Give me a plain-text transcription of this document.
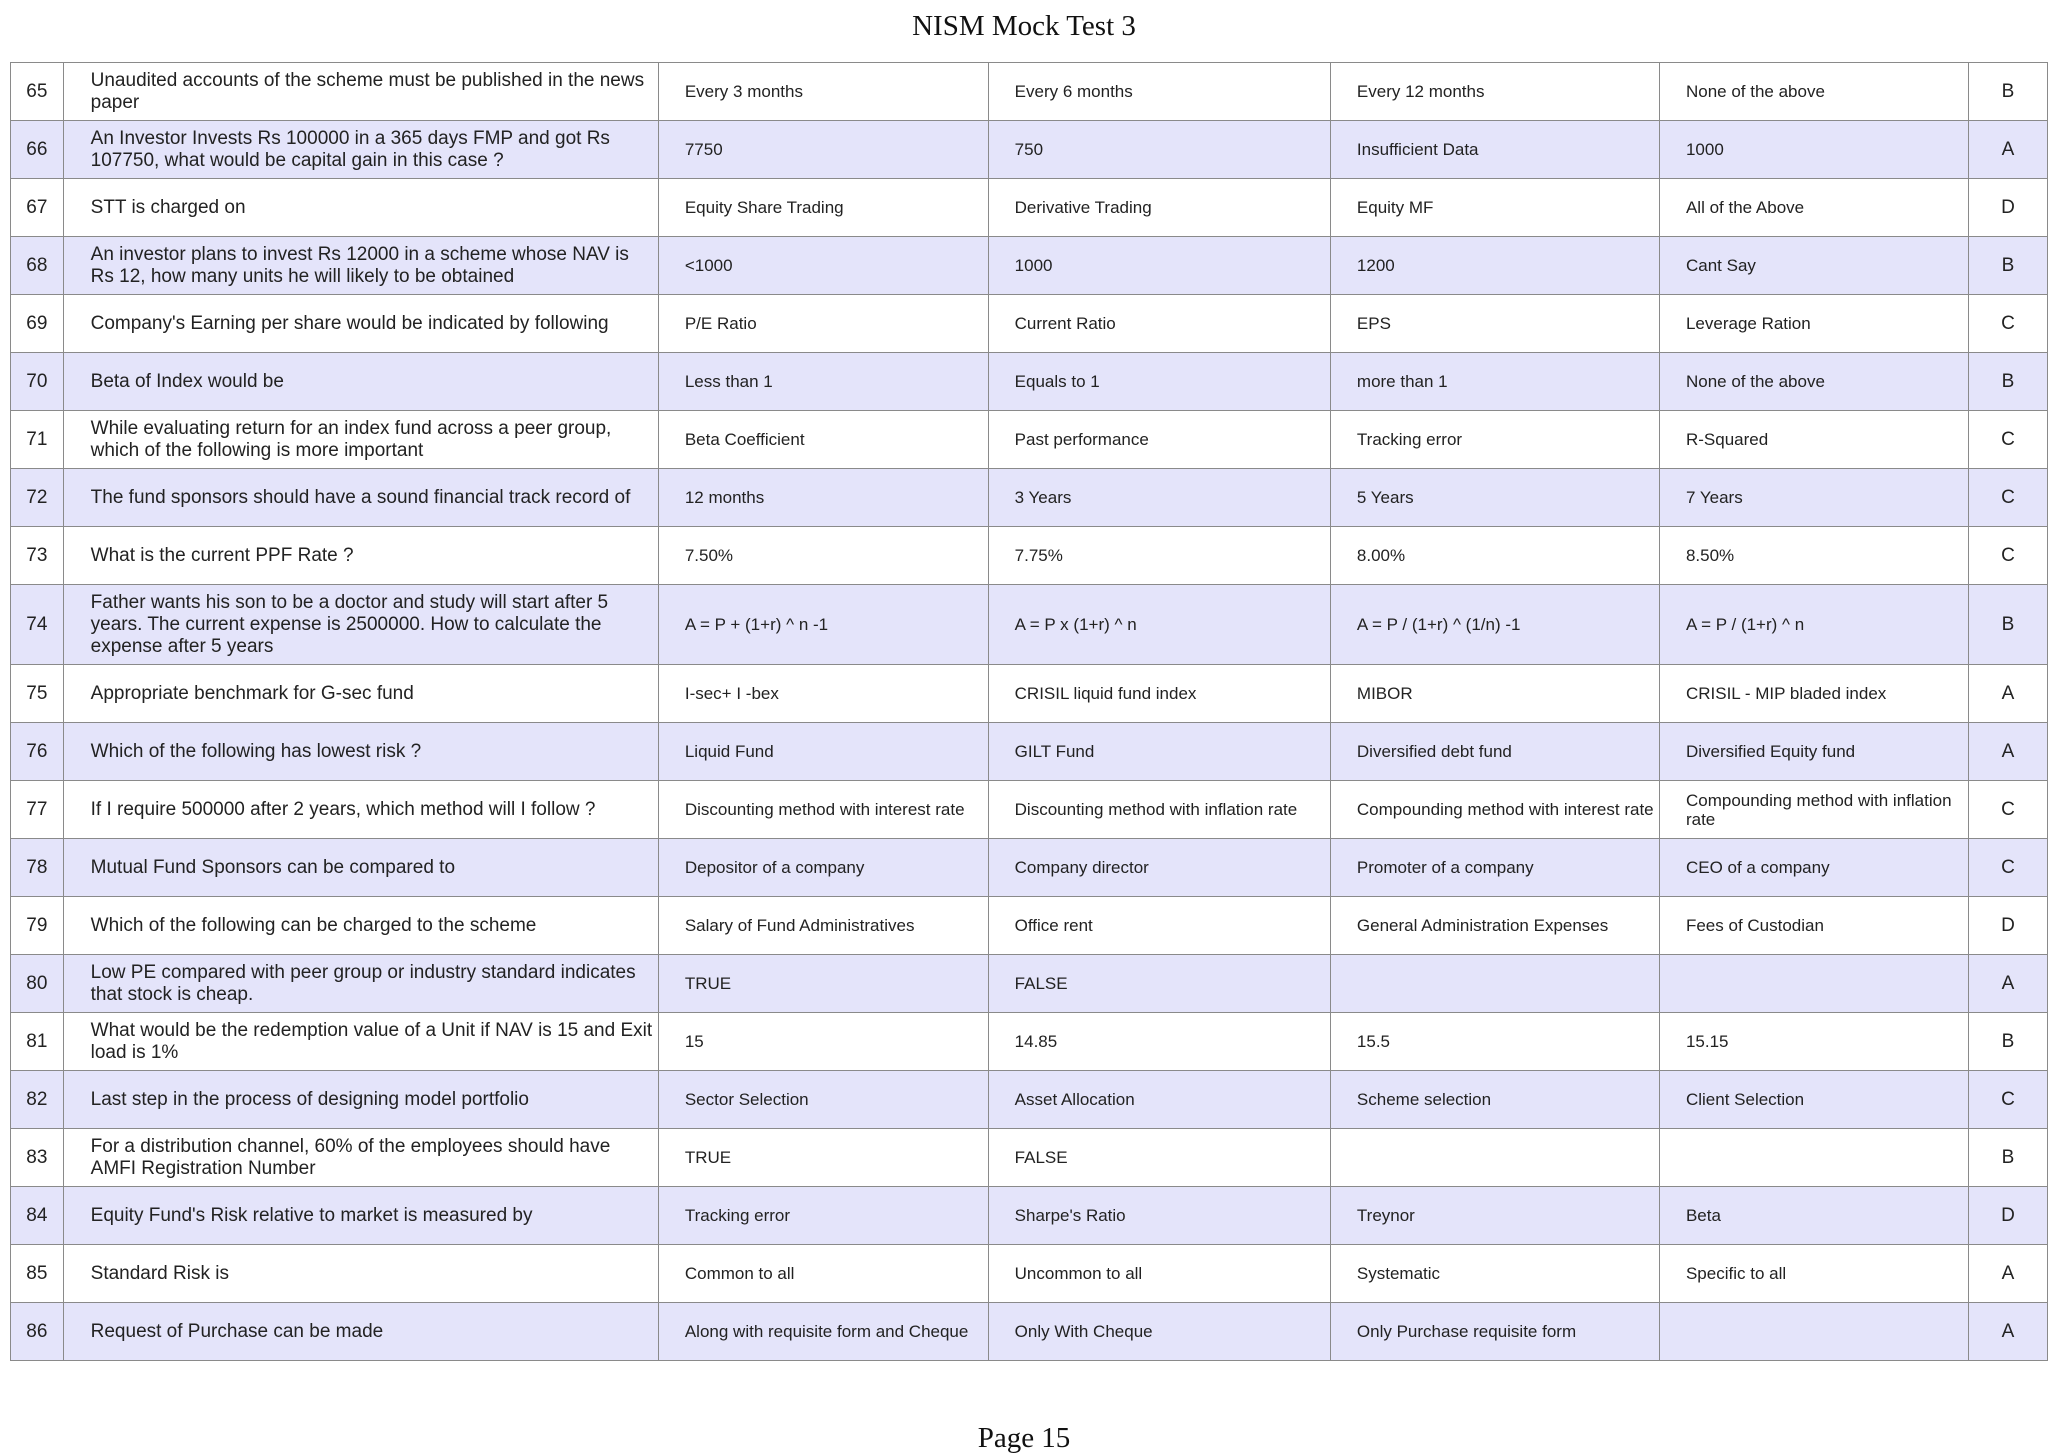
NISM Mock Test 3
65	Unaudited accounts of the scheme must be published in the news paper	Every 3 months	Every 6 months	Every 12 months	None of the above	B
66	An Investor Invests Rs 100000 in a 365 days FMP and got Rs 107750, what would be capital gain in this case ?	7750	750	Insufficient Data	1000	A
67	STT is charged on	Equity Share Trading	Derivative Trading	Equity MF	All of the Above	D
68	An investor plans to invest Rs 12000 in a scheme whose NAV is Rs 12, how many units he will likely to be obtained	<1000	1000	1200	Cant Say	B
69	Company's Earning per share would be indicated by following	P/E Ratio	Current Ratio	EPS	Leverage Ration	C
70	Beta of Index would be	Less than 1	Equals to 1	more than 1	None of the above	B
71	While evaluating return for an index fund across a peer group, which of the following is more important	Beta Coefficient	Past performance	Tracking error	R-Squared	C
72	The fund sponsors should have a sound financial track record of	12 months	3 Years	5 Years	7 Years	C
73	What is the current PPF Rate ?	7.50%	7.75%	8.00%	8.50%	C
74	Father wants his son to be a doctor and study will start after 5 years. The current expense is 2500000. How to calculate the expense after 5 years	A = P + (1+r) ^ n -1	A = P x (1+r) ^ n	A = P / (1+r) ^ (1/n) -1	A = P / (1+r) ^ n	B
75	Appropriate benchmark for G-sec fund	I-sec+ I -bex	CRISIL liquid fund index	MIBOR	CRISIL - MIP bladed index	A
76	Which of the following has lowest risk ?	Liquid Fund	GILT Fund	Diversified debt fund	Diversified Equity fund	A
77	If I require 500000 after 2 years, which method will I follow ?	Discounting method with interest rate	Discounting method with inflation rate	Compounding method with interest rate	Compounding method with inflation rate	C
78	Mutual Fund Sponsors can be compared to	Depositor of a company	Company director	Promoter of a company	CEO of a company	C
79	Which of the following can be charged to the scheme	Salary of Fund Administratives	Office rent	General Administration Expenses	Fees of Custodian	D
80	Low PE compared with peer group or industry standard indicates that stock is cheap.	TRUE	FALSE			A
81	What would be the redemption value of a Unit if NAV is 15 and Exit load is 1%	15	14.85	15.5	15.15	B
82	Last step in the process of designing model portfolio	Sector Selection	Asset Allocation	Scheme selection	Client Selection	C
83	For a distribution channel, 60% of the employees should have AMFI Registration Number	TRUE	FALSE			B
84	Equity Fund's Risk relative to market is measured by	Tracking error	Sharpe's Ratio	Treynor	Beta	D
85	Standard Risk is	Common to all	Uncommon to all	Systematic	Specific to all	A
86	Request of Purchase can be made	Along with requisite form and Cheque	Only With Cheque	Only Purchase requisite form		A
Page 15
